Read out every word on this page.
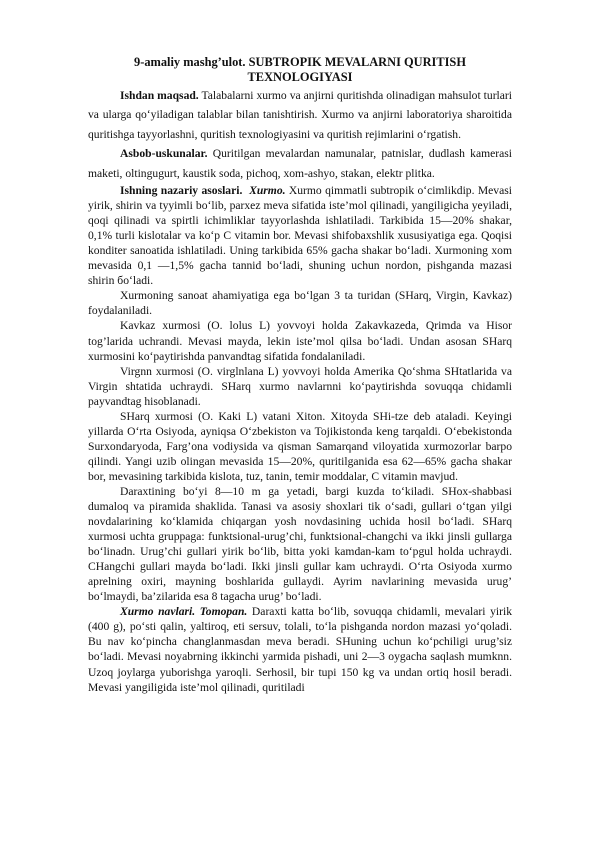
9-amaliy mashg’ulot. SUBTROPIK MEVALARNI QURITISH TEXNOLOGIYASI

Ishdan maqsad. Talabalarni xurmo va anjirni quritishda olinadigan mahsulot turlari va ularga qo‘yiladigan talablar bilan tanishtirish. Xurmo va anjirni laboratoriya sharoitida quritishga tayyorlashni, quritish texnologiyasini va quritish rejimlarini o‘rgatish.

Asbob-uskunalar. Quritilgan mevalardan namunalar, patnislar, dudlash kamerasi maketi, oltingugurt, kaustik soda, pichoq, xom-ashyo, stakan, elektr plitka.

Ishning nazariy asoslari. Xurmo. Xurmo qimmatli subtropik o‘cimlikdip. Mevasi yirik, shirin va tyyimli bo‘lib, parxez meva sifatida iste’mol qilinadi, yangiligicha yeyiladi, qoqi qilinadi va spirtli ichimliklar tayyorlashda ishlatiladi. Tarkibida 15—20% shakar, 0,1% turli kislotalar va ko‘p C vitamin bor. Mevasi shifobaxshlik xususiyatiga ega. Qoqisi konditer sanoatida ishlatiladi. Uning tarkibida 65% gacha shakar bo‘ladi. Xurmoning xom mevasida 0,1 —1,5% gacha tannid bo‘ladi, shuning uchun nordon, pishganda mazasi shirin бo‘ladi.

Xurmoning sanoat ahamiyatiga ega bo‘lgan 3 ta turidan (SHarq, Virgin, Kavkaz) foydalaniladi.

Kavkaz xurmosi (O. lolus L) yovvoyi holda Zakavkazeda, Qrimda va Hisor tog’larida uchrandi. Mevasi mayda, lekin iste’mol qilsa bo‘ladi. Undan asosan SHarq xurmosini ko‘paytirishda panvandtag sifatida fondalaniladi.

Virgnn xurmosi (O. virglnlana L) yovvoyi holda Amerika Qo‘shma SHtatlarida va Virgin shtatida uchraydi. SHarq xurmo navlarnni ko‘paytirishda sovuqqa chidamli payvandtag hisoblanadi.

SHarq xurmosi (O. Kaki L) vatani Xiton. Xitoyda SHi-tze deb ataladi. Keyingi yillarda O‘rta Osiyoda, ayniqsa O‘zbekiston va Tojikistonda keng tarqaldi. O‘ebekistonda Surxondaryoda, Farg’ona vodiysida va qisman Samarqand viloyatida xurmozorlar barpo qilindi. Yangi uzib olingan mevasida 15—20%, quritilganida esa 62—65% gacha shakar bor, mevasining tarkibida kislota, tuz, tanin, temir moddalar, C vitamin mavjud.

Daraxtining bo‘yi 8—10 m ga yetadi, bargi kuzda to‘kiladi. SHox-shabbasi dumaloq va piramida shaklida. Tanasi va asosiy shoxlari tik o‘sadi, gullari o‘tgan yilgi novdalarining ko‘klamida chiqargan yosh novdasining uchida hosil bo‘ladi. SHarq xurmosi uchta gruppaga: funktsional-urug’chi, funktsional-changchi va ikki jinsli gullarga bo‘linadn. Urug’chi gullari yirik bo‘lib, bitta yoki kamdan-kam to‘pgul holda uchraydi. CHangchi gullari mayda bo‘ladi. Ikki jinsli gullar kam uchraydi. O‘rta Osiyoda xurmo aprelning oxiri, mayning boshlarida gullaydi. Ayrim navlarining mevasida urug’ bo‘lmaydi, ba’zilarida esa 8 tagacha urug’ bo‘ladi.

Xurmo navlari. Tomopan. Daraxti katta bo‘lib, sovuqqa chidamli, mevalari yirik (400 g), po‘sti qalin, yaltiroq, eti sersuv, tolali, to‘la pishganda nordon mazasi yo‘qoladi. Bu nav ko‘pincha changlanmasdan meva beradi. SHuning uchun ko‘pchiligi urug’siz bo‘ladi. Mevasi noyabrning ikkinchi yarmida pishadi, uni 2—3 oygacha saqlash mumknn. Uzoq joylarga yuborishga yaroqli. Serhosil, bir tupi 150 kg va undan ortiq hosil beradi. Mevasi yangiligida iste’mol qilinadi, quritiladi
